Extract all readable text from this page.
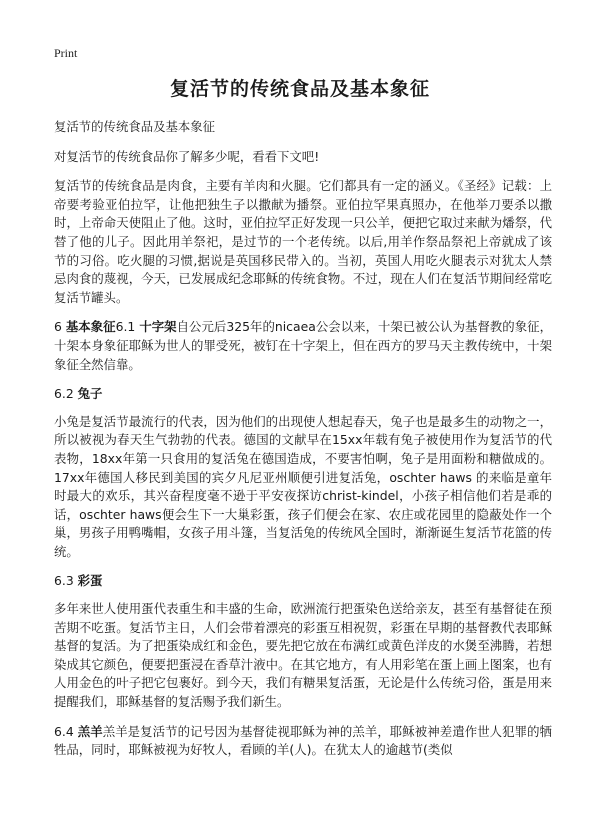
Print
复活节的传统食品及基本象征

复活节的传统食品及基本象征

对复活节的传统食品你了解多少呢，看看下文吧!

复活节的传统食品是肉食，主要有羊肉和火腿。它们都具有一定的涵义。《圣经》记载：上帝要考验亚伯拉罕，让他把独生子以撒献为播祭。亚伯拉罕果真照办，在他举刀要杀以撒时，上帝命天使阻止了他。这时，亚伯拉罕正好发现一只公羊，便把它取过来献为燔祭，代替了他的儿子。因此用羊祭祀，是过节的一个老传统。以后,用羊作祭品祭祀上帝就成了该节的习俗。吃火腿的习惯,据说是英国移民带入的。当初，英国人用吃火腿表示对犹太人禁忌肉食的蔑视，今天，已发展成纪念耶稣的传统食物。不过，现在人们在复活节期间经常吃复活节罐头。

6 基本象征6.1 十字架自公元后325年的nicaea公会以来，十架已被公认为基督教的象征，十架本身象征耶稣为世人的罪受死，被钉在十字架上，但在西方的罗马天主教传统中，十架象征全然信靠。

6.2 兔子

小兔是复活节最流行的代表，因为他们的出现使人想起春天，兔子也是最多生的动物之一，所以被视为春天生气勃勃的代表。德国的文献早在15xx年载有兔子被使用作为复活节的代表物，18xx年第一只食用的复活兔在德国造成，不要害怕啊，兔子是用面粉和糖做成的。17xx年德国人移民到美国的宾夕凡尼亚州顺便引进复活兔，oschter haws 的来临是童年时最大的欢乐，其兴奋程度毫不逊于平安夜探访christ-kindel，小孩子相信他们若是乖的话，oschter haws便会生下一大巢彩蛋，孩子们便会在家、农庄或花园里的隐蔽处作一个巢，男孩子用鸭嘴帽，女孩子用斗篷，当复活兔的传统风全国时，渐渐诞生复活节花篮的传统。

6.3 彩蛋

多年来世人使用蛋代表重生和丰盛的生命，欧洲流行把蛋染色送给亲友，甚至有基督徒在预苦期不吃蛋。复活节主日，人们会带着漂亮的彩蛋互相祝贺，彩蛋在早期的基督教代表耶稣基督的复活。为了把蛋染成红和金色，要先把它放在布满红或黄色洋皮的水煲至沸腾，若想染成其它颜色，便要把蛋浸在香草汁液中。在其它地方，有人用彩笔在蛋上画上图案，也有人用金色的叶子把它包裹好。到今天，我们有糖果复活蛋，无论是什么传统习俗，蛋是用来提醒我们，耶稣基督的复活赐予我们新生。

6.4 羔羊羔羊是复活节的记号因为基督徒视耶稣为神的羔羊，耶稣被神差遣作世人犯罪的牺牲品，同时，耶稣被视为好牧人，看顾的羊(人)。在犹太人的逾越节(类似
